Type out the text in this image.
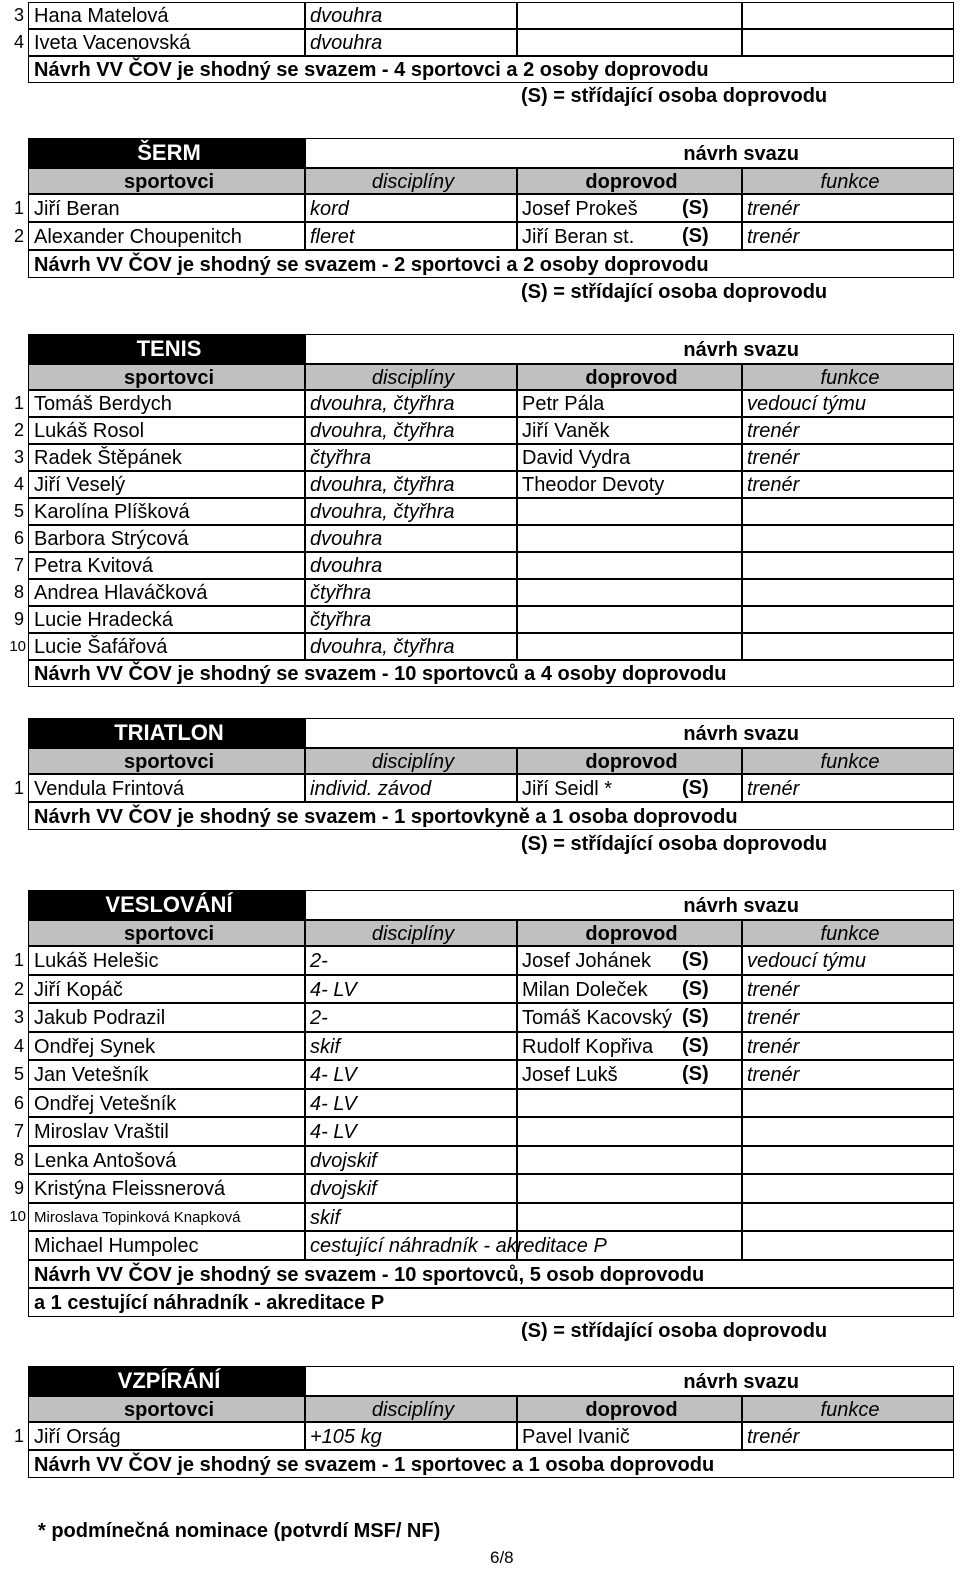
3 Hana Matelová	dvouhra
4 Iveta Vacenovská	dvouhra
Návrh VV ČOV je shodný se svazem - 4 sportovci a 2 osoby doprovodu
(S) = střídající osoba doprovodu
ŠERM	návrh svazu
sportovci	disciplíny	doprovod	funkce
1 Jiří Beran	kord	Josef Prokeš	(S)	trenér
2 Alexander Choupenitch	fleret	Jiří Beran st.	(S)	trenér
Návrh VV ČOV je shodný se svazem - 2 sportovci a 2 osoby doprovodu
(S) = střídající osoba doprovodu
TENIS	návrh svazu
sportovci	disciplíny	doprovod	funkce
1 Tomáš Berdych	dvouhra, čtyřhra	Petr Pála	vedoucí týmu
2 Lukáš Rosol	dvouhra, čtyřhra	Jiří Vaněk	trenér
3 Radek Štěpánek	čtyřhra	David Vydra	trenér
4 Jiří Veselý	dvouhra, čtyřhra	Theodor Devoty	trenér
5 Karolína Plíšková	dvouhra, čtyřhra
6 Barbora Strýcová	dvouhra
7 Petra Kvitová	dvouhra
8 Andrea Hlaváčková	čtyřhra
9 Lucie Hradecká	čtyřhra
10 Lucie Šafářová	dvouhra, čtyřhra
Návrh VV ČOV je shodný se svazem - 10 sportovců a 4 osoby doprovodu
TRIATLON	návrh svazu
sportovci	disciplíny	doprovod	funkce
1 Vendula Frintová	individ. závod	Jiří Seidl *	(S)	trenér
Návrh VV ČOV je shodný se svazem - 1 sportovkyně a 1 osoba doprovodu
(S) = střídající osoba doprovodu
VESLOVÁNÍ	návrh svazu
sportovci	disciplíny	doprovod	funkce
1 Lukáš Helešic	2-	Josef Johánek	(S)	vedoucí týmu
2 Jiří Kopáč	4- LV	Milan Doleček	(S)	trenér
3 Jakub Podrazil	2-	Tomáš Kacovský (S)	trenér
4 Ondřej Synek	skif	Rudolf Kopřiva	(S)	trenér
5 Jan Vetešník	4- LV	Josef Lukš	(S)	trenér
6 Ondřej Vetešník	4- LV
7 Miroslav Vraštil	4- LV
8 Lenka Antošová	dvojskif
9 Kristýna Fleissnerová	dvojskif
10 Miroslava Topinková Knapková	skif
Michael Humpolec	cestující náhradník - akreditace P
Návrh VV ČOV je shodný se svazem - 10 sportovců, 5 osob doprovodu
a 1 cestující náhradník - akreditace P
(S) = střídající osoba doprovodu
VZPÍRÁNÍ	návrh svazu
sportovci	disciplíny	doprovod	funkce
1 Jiří Orság	+105 kg	Pavel Ivanič	trenér
Návrh VV ČOV je shodný se svazem - 1 sportovec a 1 osoba doprovodu
* podmínečná nominace (potvrdí MSF/ NF)
6/8
